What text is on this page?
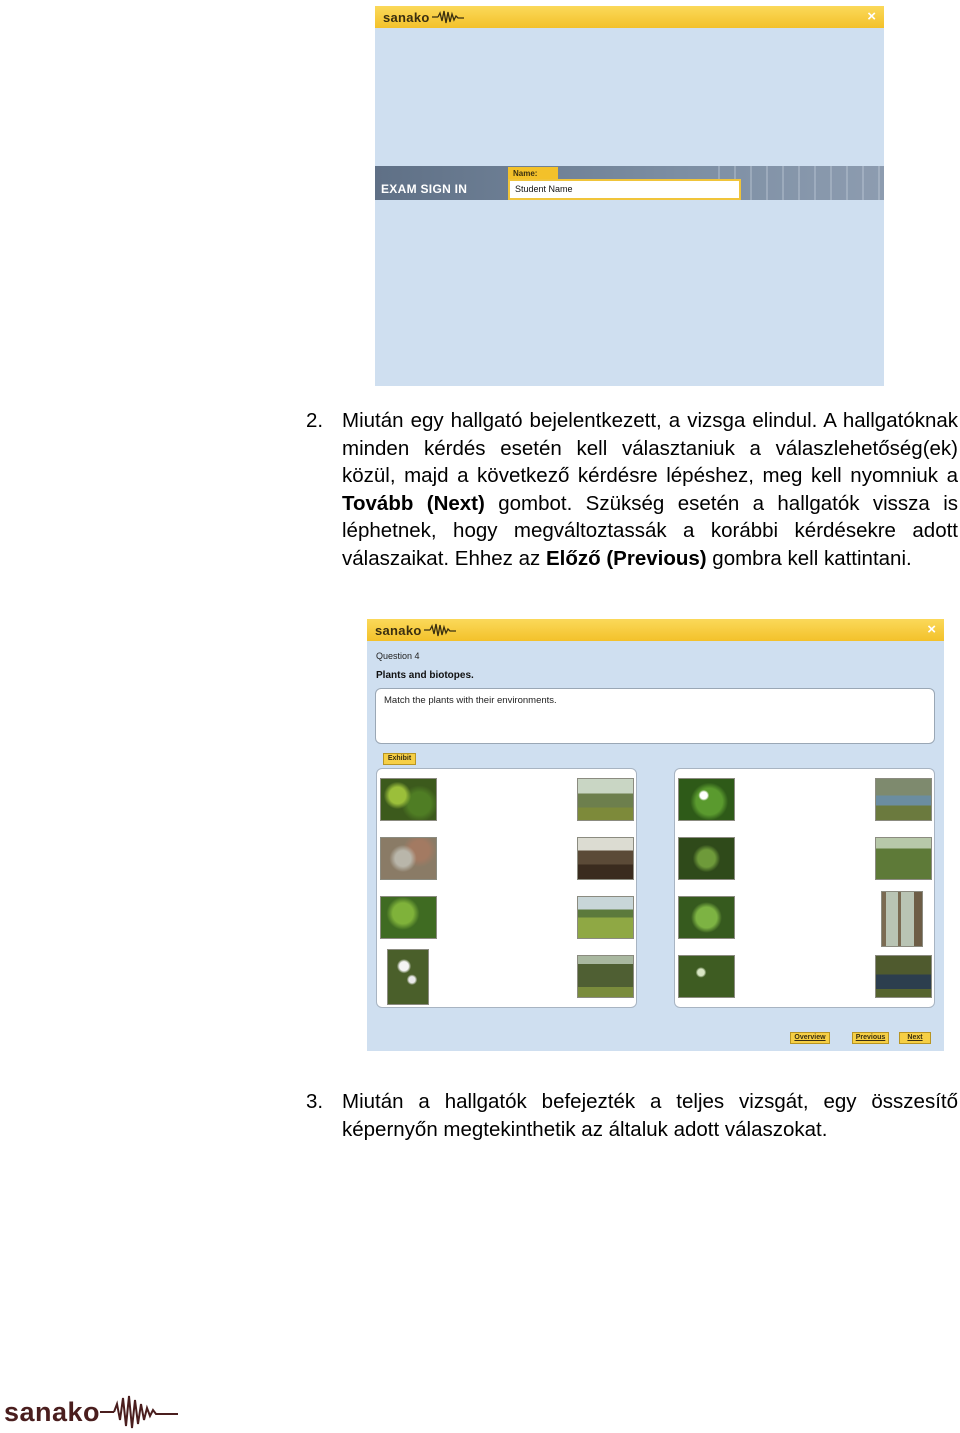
sanako	×
EXAM SIGN IN
Name:
Student Name
2. Miután egy hallgató bejelentkezett, a vizsga elindul. A hallgatóknak minden kérdés esetén kell választaniuk a válaszlehetőség(ek) közül, majd a következő kérdésre lépéshez, meg kell nyomniuk a Tovább (Next) gombot. Szükség esetén a hallgatók vissza is léphetnek, hogy megváltoztassák a korábbi kérdésekre adott válaszaikat. Ehhez az Előző (Previous) gombra kell kattintani.

sanako	×
Question 4
Plants and biotopes.
Match the plants with their environments.
Exhibit
Overview	Previous	Next
3. Miután a hallgatók befejezték a teljes vizsgát, egy összesítő képernyőn megtekinthetik az általuk adott válaszokat.

sanako
